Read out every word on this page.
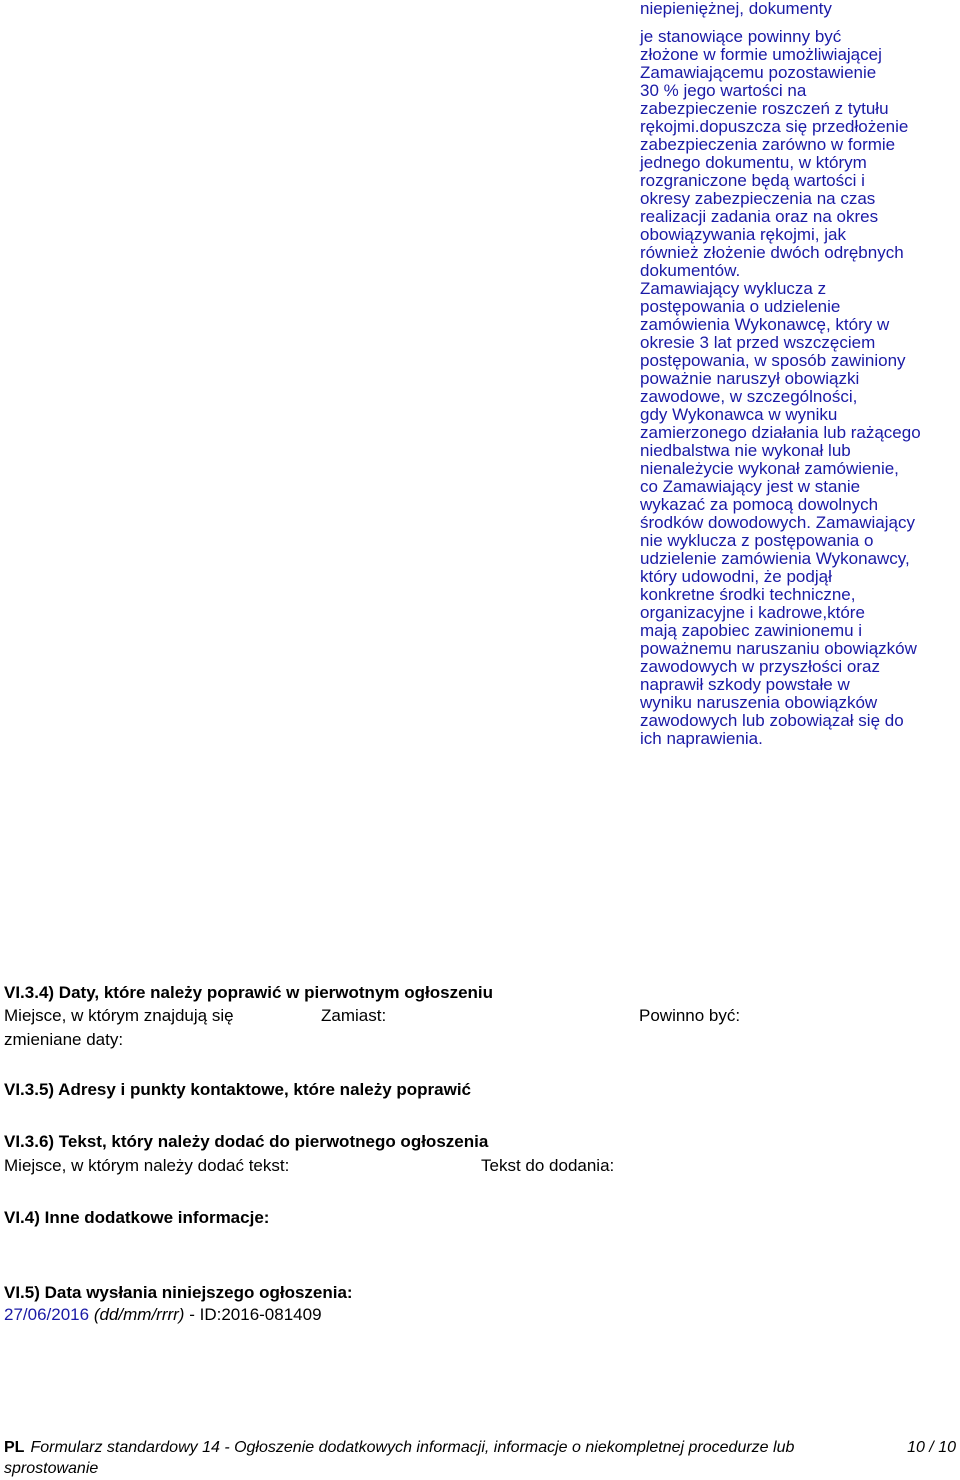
niepieniężnej, dokumenty
je stanowiące powinny być
złożone w formie umożliwiającej
Zamawiającemu pozostawienie
30 % jego wartości na
zabezpieczenie roszczeń z tytułu
rękojmi.dopuszcza się przedłożenie
zabezpieczenia zarówno w formie
jednego dokumentu, w którym
rozgraniczone będą wartości i
okresy zabezpieczenia na czas
realizacji zadania oraz na okres
obowiązywania rękojmi, jak
również złożenie dwóch odrębnych
dokumentów.
Zamawiający wyklucza z
postępowania o udzielenie
zamówienia Wykonawcę, który w
okresie 3 lat przed wszczęciem
postępowania, w sposób zawiniony
poważnie naruszył obowiązki
zawodowe, w szczególności,
gdy Wykonawca w wyniku
zamierzonego działania lub rażącego
niedbalstwa nie wykonał lub
nienależycie wykonał zamówienie,
co Zamawiający jest w stanie
wykazać za pomocą dowolnych
środków dowodowych. Zamawiający
nie wyklucza z postępowania o
udzielenie zamówienia Wykonawcy,
który udowodni, że podjął
konkretne środki techniczne,
organizacyjne i kadrowe,które
mają zapobiec zawinionemu i
poważnemu naruszaniu obowiązków
zawodowych w przyszłości oraz
naprawił szkody powstałe w
wyniku naruszenia obowiązków
zawodowych lub zobowiązał się do
ich naprawienia.
VI.3.4) Daty, które należy poprawić w pierwotnym ogłoszeniu
Miejsce, w którym znajdują się
zmieniane daty:
Zamiast:	Powinno być:
VI.3.5) Adresy i punkty kontaktowe, które należy poprawić
VI.3.6) Tekst, który należy dodać do pierwotnego ogłoszenia
Miejsce, w którym należy dodać tekst:	Tekst do dodania:
VI.4) Inne dodatkowe informacje:
VI.5) Data wysłania niniejszego ogłoszenia:
27/06/2016 (dd/mm/rrrr) - ID:2016-081409
PL Formularz standardowy 14 - Ogłoszenie dodatkowych informacji, informacje o niekompletnej procedurze lub	10 / 10
sprostowanie
